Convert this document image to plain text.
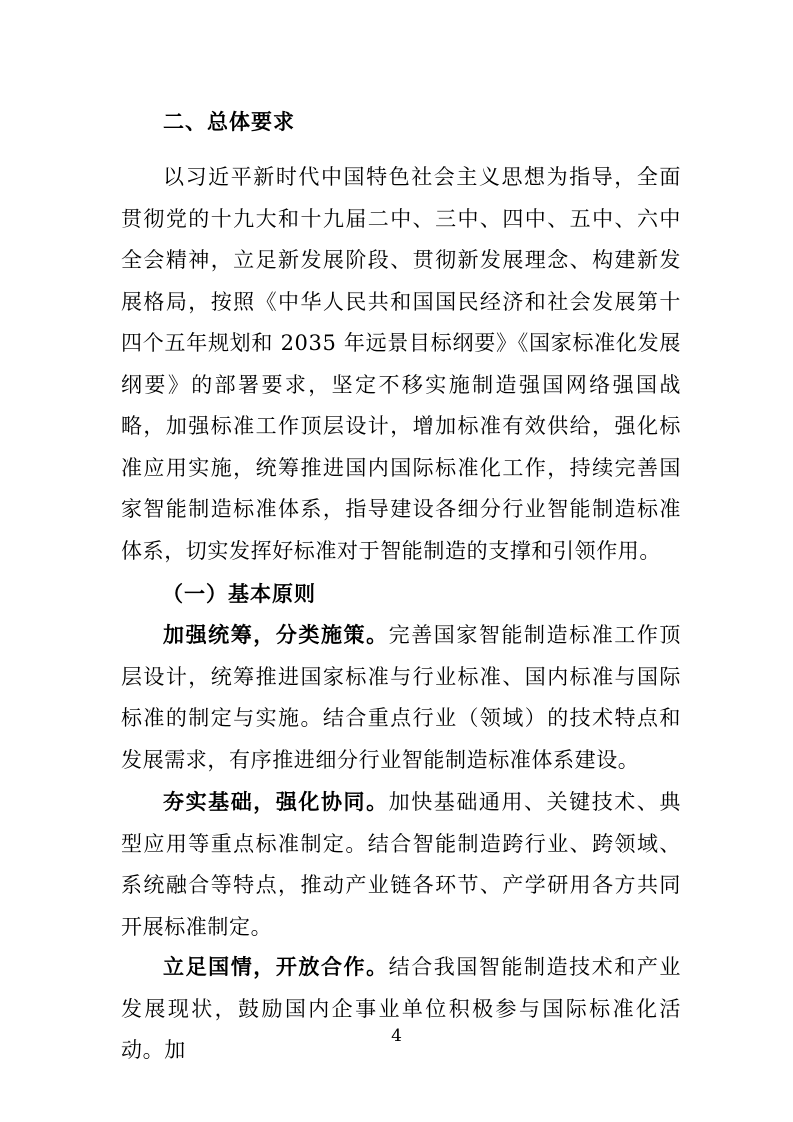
二、总体要求

以习近平新时代中国特色社会主义思想为指导，全面贯彻党的十九大和十九届二中、三中、四中、五中、六中全会精神，立足新发展阶段、贯彻新发展理念、构建新发展格局，按照《中华人民共和国国民经济和社会发展第十四个五年规划和 2035 年远景目标纲要》《国家标准化发展纲要》的部署要求，坚定不移实施制造强国网络强国战略，加强标准工作顶层设计，增加标准有效供给，强化标准应用实施，统筹推进国内国际标准化工作，持续完善国家智能制造标准体系，指导建设各细分行业智能制造标准体系，切实发挥好标准对于智能制造的支撑和引领作用。

（一）基本原则

加强统筹，分类施策。完善国家智能制造标准工作顶层设计，统筹推进国家标准与行业标准、国内标准与国际标准的制定与实施。结合重点行业（领域）的技术特点和发展需求，有序推进细分行业智能制造标准体系建设。

夯实基础，强化协同。加快基础通用、关键技术、典型应用等重点标准制定。结合智能制造跨行业、跨领域、系统融合等特点，推动产业链各环节、产学研用各方共同开展标准制定。

立足国情，开放合作。结合我国智能制造技术和产业发展现状，鼓励国内企事业单位积极参与国际标准化活动。加

4
